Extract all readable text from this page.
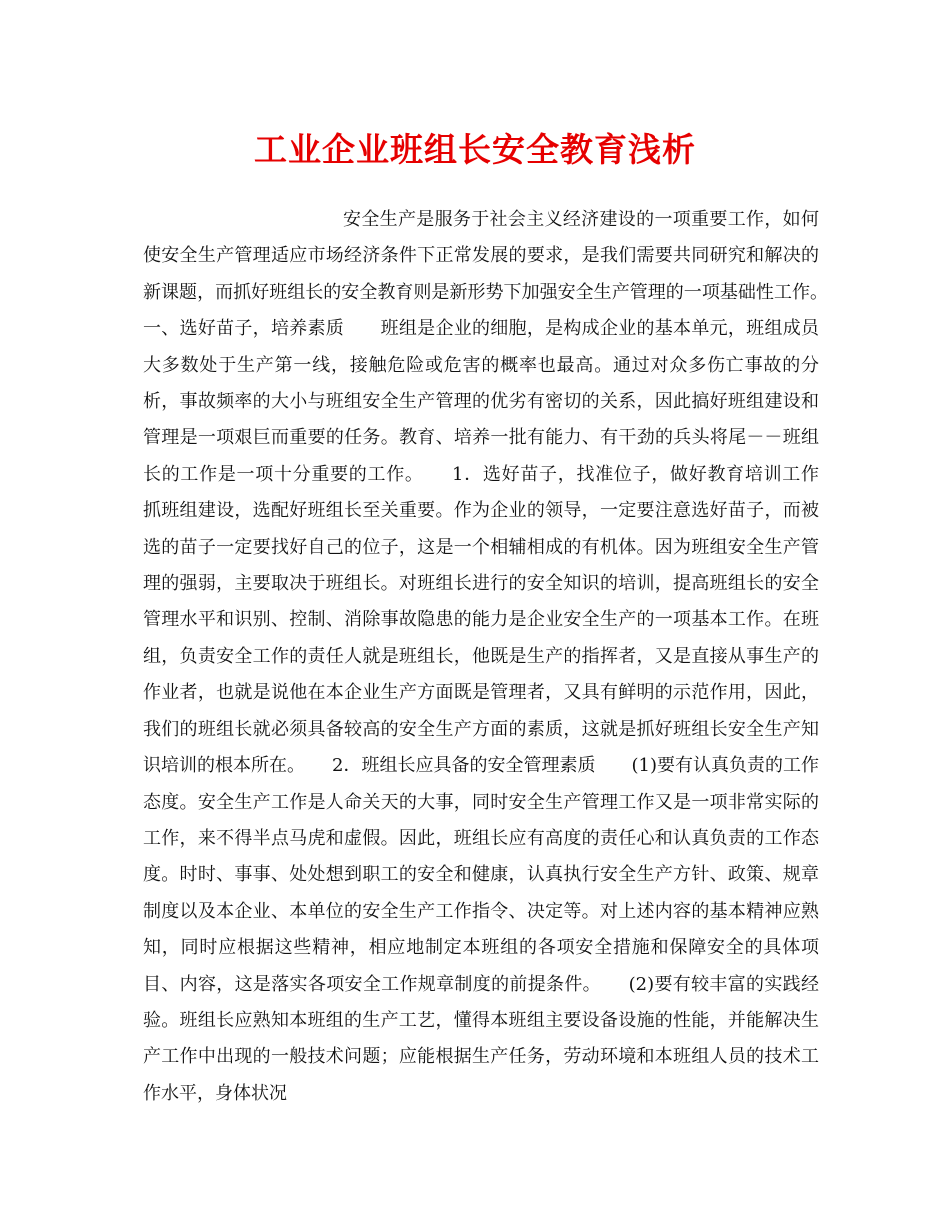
工业企业班组长安全教育浅析

安全生产是服务于社会主义经济建设的一项重要工作，如何使安全生产管理适应市场经济条件下正常发展的要求，是我们需要共同研究和解决的新课题，而抓好班组长的安全教育则是新形势下加强安全生产管理的一项基础性工作。　　一、选好苗子，培养素质　　班组是企业的细胞，是构成企业的基本单元，班组成员大多数处于生产第一线，接触危险或危害的概率也最高。通过对众多伤亡事故的分析，事故频率的大小与班组安全生产管理的优劣有密切的关系，因此搞好班组建设和管理是一项艰巨而重要的任务。教育、培养一批有能力、有干劲的兵头将尾－－班组长的工作是一项十分重要的工作。　　1．选好苗子，找准位子，做好教育培训工作　　抓班组建设，选配好班组长至关重要。作为企业的领导，一定要注意选好苗子，而被选的苗子一定要找好自己的位子，这是一个相辅相成的有机体。因为班组安全生产管理的强弱，主要取决于班组长。对班组长进行的安全知识的培训，提高班组长的安全管理水平和识别、控制、消除事故隐患的能力是企业安全生产的一项基本工作。在班组，负责安全工作的责任人就是班组长，他既是生产的指挥者，又是直接从事生产的作业者，也就是说他在本企业生产方面既是管理者，又具有鲜明的示范作用，因此，我们的班组长就必须具备较高的安全生产方面的素质，这就是抓好班组长安全生产知识培训的根本所在。　　2．班组长应具备的安全管理素质　　(1)要有认真负责的工作态度。安全生产工作是人命关天的大事，同时安全生产管理工作又是一项非常实际的工作，来不得半点马虎和虚假。因此，班组长应有高度的责任心和认真负责的工作态度。时时、事事、处处想到职工的安全和健康，认真执行安全生产方针、政策、规章制度以及本企业、本单位的安全生产工作指令、决定等。对上述内容的基本精神应熟知，同时应根据这些精神，相应地制定本班组的各项安全措施和保障安全的具体项目、内容，这是落实各项安全工作规章制度的前提条件。　　(2)要有较丰富的实践经验。班组长应熟知本班组的生产工艺，懂得本班组主要设备设施的性能，并能解决生产工作中出现的一般技术问题；应能根据生产任务，劳动环境和本班组人员的技术工作水平，身体状况
